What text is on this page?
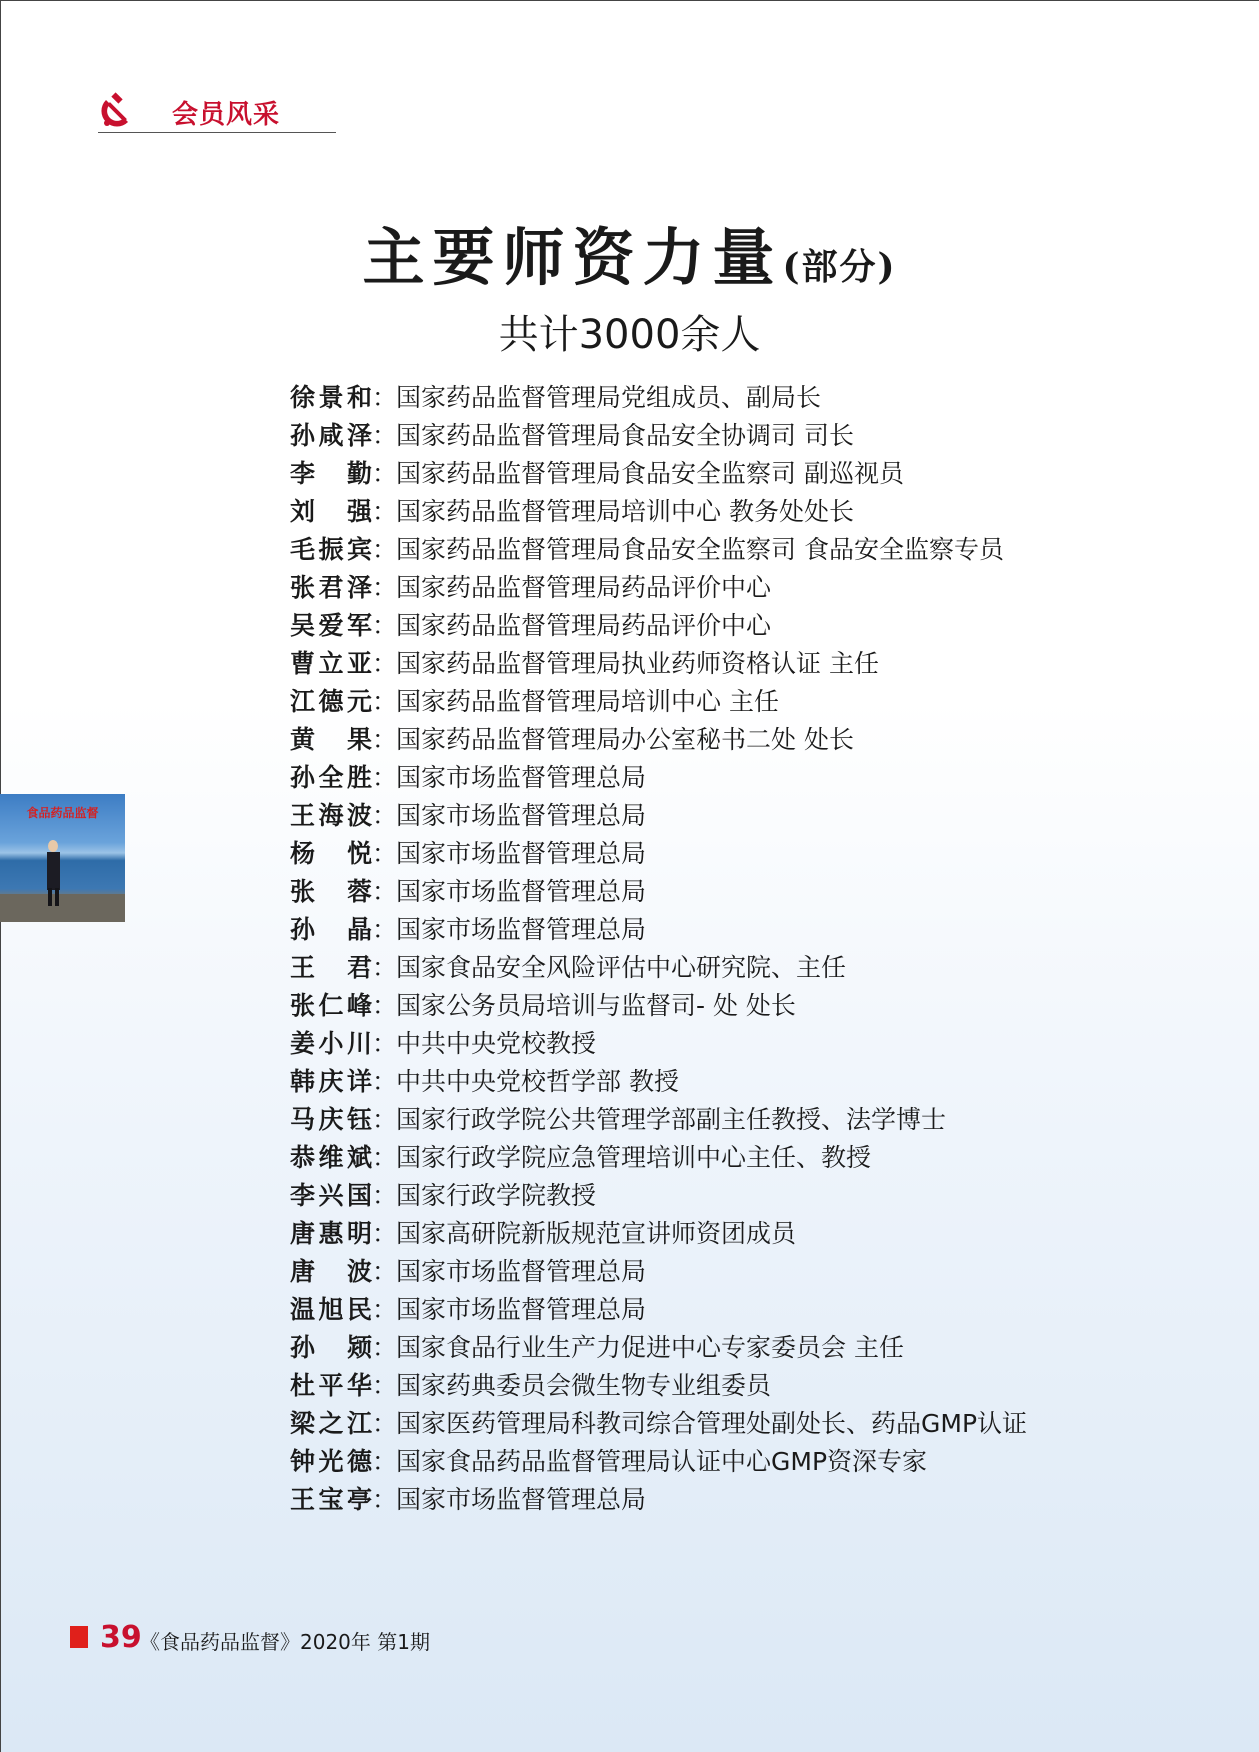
会员风采
主要师资力量(部分)
共计3000余人
食品药品监督
徐景和：国家药品监督管理局党组成员、副局长
孙咸泽：国家药品监督管理局食品安全协调司 司长
李勤：国家药品监督管理局食品安全监察司 副巡视员
刘强：国家药品监督管理局培训中心 教务处处长
毛振宾：国家药品监督管理局食品安全监察司 食品安全监察专员
张君泽：国家药品监督管理局药品评价中心
吴爱军：国家药品监督管理局药品评价中心
曹立亚：国家药品监督管理局执业药师资格认证 主任
江德元：国家药品监督管理局培训中心 主任
黄果：国家药品监督管理局办公室秘书二处 处长
孙全胜：国家市场监督管理总局
王海波：国家市场监督管理总局
杨悦：国家市场监督管理总局
张蓉：国家市场监督管理总局
孙晶：国家市场监督管理总局
王君：国家食品安全风险评估中心研究院、主任
张仁峰：国家公务员局培训与监督司- 处 处长
姜小川：中共中央党校教授
韩庆详：中共中央党校哲学部 教授
马庆钰：国家行政学院公共管理学部副主任教授、法学博士
恭维斌：国家行政学院应急管理培训中心主任、教授
李兴国：国家行政学院教授
唐惠明：国家高研院新版规范宣讲师资团成员
唐波：国家市场监督管理总局
温旭民：国家市场监督管理总局
孙颎：国家食品行业生产力促进中心专家委员会 主任
杜平华：国家药典委员会微生物专业组委员
梁之江：国家医药管理局科教司综合管理处副处长、药品GMP认证
钟光德：国家食品药品监督管理局认证中心GMP资深专家
王宝亭：国家市场监督管理总局
39
《食品药品监督》2020年 第1期
